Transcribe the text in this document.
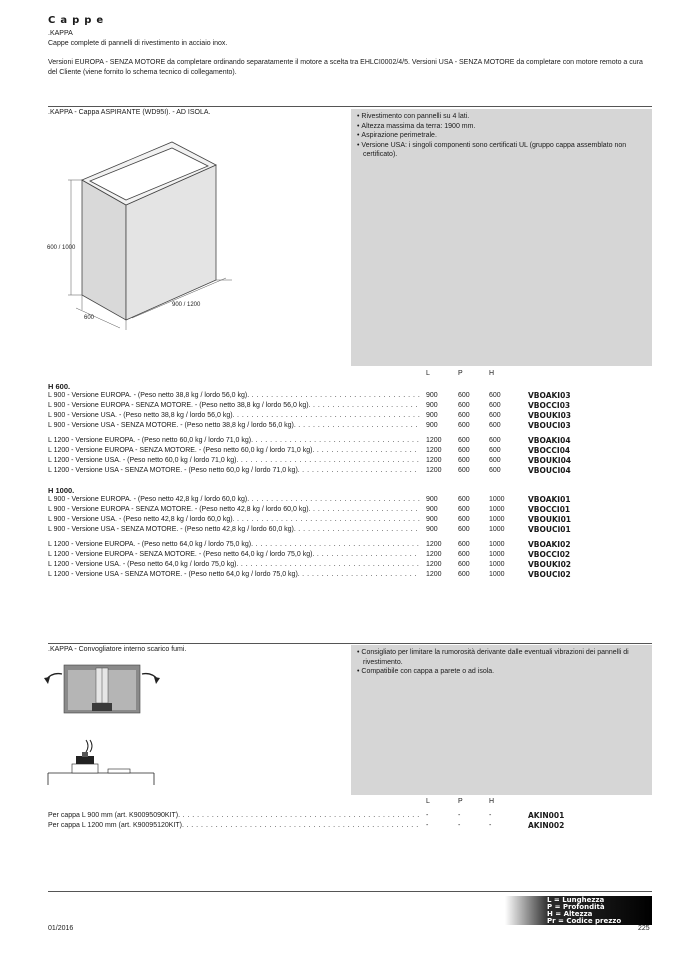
Cappe

.KAPPA

Cappe complete di pannelli di rivestimento in acciaio inox.

Versioni EUROPA - SENZA MOTORE da completare ordinando separatamente il motore a scelta tra EHLCI0002/4/5. Versioni USA - SENZA MOTORE da completare con motore remoto a cura del Cliente (viene fornito lo schema tecnico di collegamento).

.KAPPA - Cappa ASPIRANTE (WD95I). - AD ISOLA.
600 / 1000
900 / 1200
600
• Rivestimento con pannelli su 4 lati.
• Altezza massima da terra: 1900 mm.
• Aspirazione perimetrale.
• Versione USA: i singoli componenti sono certificati UL (gruppo cappa assemblato non certificato).
L	P	H
H 600.
L 900 - Versione EUROPA. - (Peso netto 38,8 kg / lordo 56,0 kg). . . .	900	600	600	VBOAKI03
L 900 - Versione EUROPA - SENZA MOTORE. - (Peso netto 38,8 kg / lordo 56,0 kg). . . .	900	600	600	VBOCCI03
L 900 - Versione USA. - (Peso netto 38,8 kg / lordo 56,0 kg). . . .	900	600	600	VBOUKI03
L 900 - Versione USA - SENZA MOTORE. - (Peso netto 38,8 kg / lordo 56,0 kg). . . .	900	600	600	VBOUCI03
L 1200 - Versione EUROPA. - (Peso netto 60,0 kg / lordo 71,0 kg). . . .	1200 600	600	VBOAKI04
L 1200 - Versione EUROPA - SENZA MOTORE. - (Peso netto 60,0 kg / lordo 71,0 kg). . . .	1200 600	600	VBOCCI04
L 1200 - Versione USA. - (Peso netto 60,0 kg / lordo 71,0 kg). . . .	1200 600	600	VBOUKI04
L 1200 - Versione USA - SENZA MOTORE. - (Peso netto 60,0 kg / lordo 71,0 kg). . . .	1200 600	600	VBOUCI04
H 1000.
L 900 - Versione EUROPA. - (Peso netto 42,8 kg / lordo 60,0 kg). . . .	900	600	1000	VBOAKI01
L 900 - Versione EUROPA - SENZA MOTORE. - (Peso netto 42,8 kg / lordo 60,0 kg). . . .	900	600	1000	VBOCCI01
L 900 - Versione USA. - (Peso netto 42,8 kg / lordo 60,0 kg). . . .	900	600	1000	VBOUKI01
L 900 - Versione USA - SENZA MOTORE. - (Peso netto 42,8 kg / lordo 60,0 kg). . . .	900	600	1000	VBOUCI01
L 1200 - Versione EUROPA. - (Peso netto 64,0 kg / lordo 75,0 kg). . . .	1200 600	1000	VBOAKI02
L 1200 - Versione EUROPA - SENZA MOTORE. - (Peso netto 64,0 kg / lordo 75,0 kg). . . .	1200 600	1000	VBOCCI02
L 1200 - Versione USA. - (Peso netto 64,0 kg / lordo 75,0 kg). . . .	1200 600	1000	VBOUKI02
L 1200 - Versione USA - SENZA MOTORE. - (Peso netto 64,0 kg / lordo 75,0 kg). . . .	1200 600	1000	VBOUCI02
.KAPPA - Convogliatore interno scarico fumi.
•	Consigliato per limitare la rumorosità derivante dalle eventuali vibrazioni dei pannelli di rivestimento.
• Compatibile con cappa a parete o ad isola.
L	P	H
Per cappa L 900 mm (art. K90095090KIT). . . .	-	-	-	AKIN001
Per cappa L 1200 mm (art. K90095120KIT). . . .	-	-	-	AKIN002
L = Lunghezza
P = Profondità
H = Altezza
Pr = Codice prezzo
01/2016	225
